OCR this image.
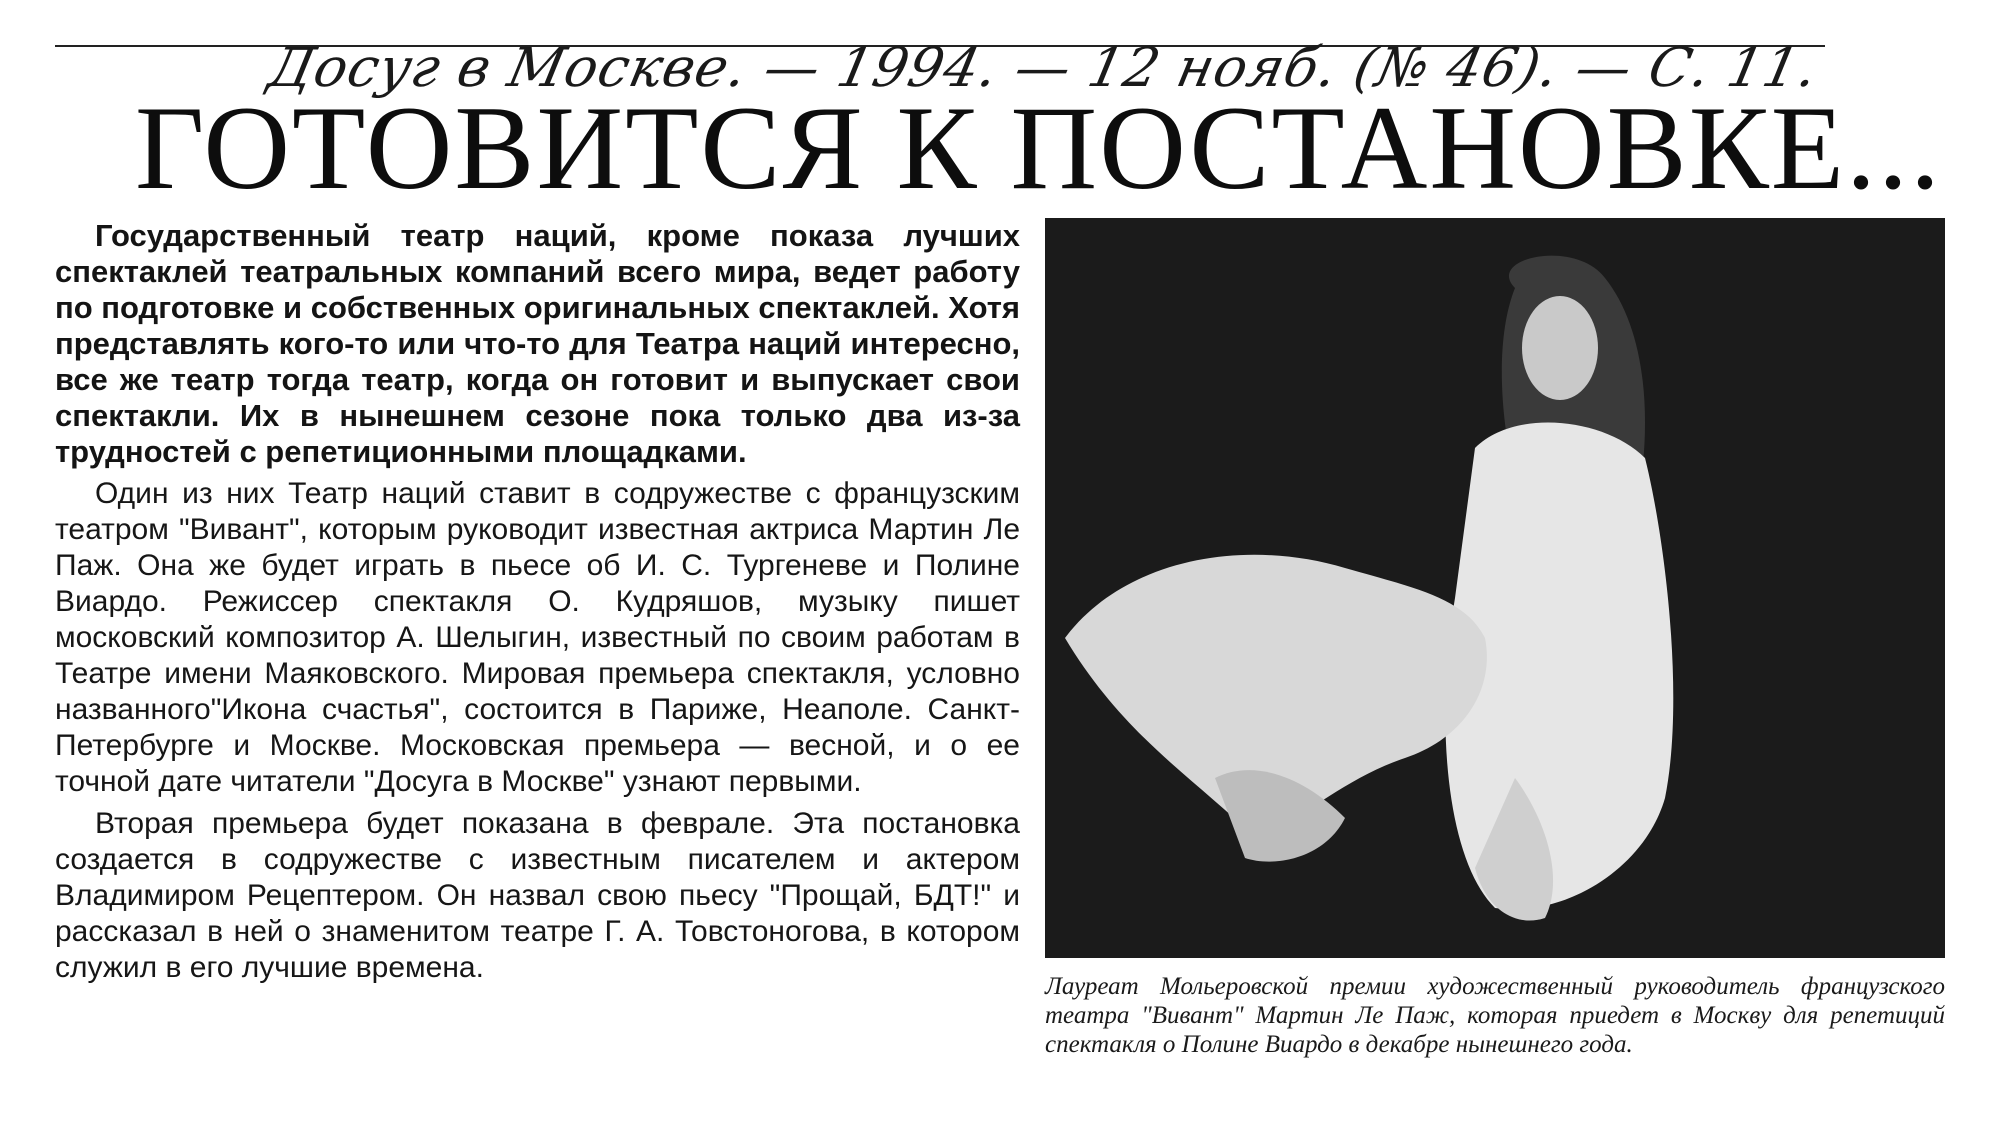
Досуг в Москве. — 1994. — 12 нояб. (№ 46). — С. 11.
ГОТОВИТСЯ К ПОСТАНОВКЕ...

Государственный театр наций, кроме показа лучших спектаклей театральных компаний всего мира, ведет работу по подготовке и собственных оригинальных спектаклей. Хотя представлять кого-то или что-то для Театра наций интересно, все же театр тогда театр, когда он готовит и выпускает свои спектакли. Их в нынешнем сезоне пока только два из-за трудностей с репетиционными площадками.

Один из них Театр наций ставит в содружестве с французским театром "Вивант", которым руководит известная актриса Мартин Ле Паж. Она же будет играть в пьесе об И. С. Тургеневе и Полине Виардо. Режиссер спектакля О. Кудряшов, музыку пишет московский композитор А. Шелыгин, известный по своим работам в Театре имени Маяковского. Мировая премьера спектакля, условно названного"Икона счастья", состоится в Париже, Неаполе. Санкт-Петербурге и Москве. Московская премьера — весной, и о ее точной дате читатели "Досуга в Москве" узнают первыми.

Вторая премьера будет показана в феврале. Эта постановка создается в содружестве с известным писателем и актером Владимиром Рецептером. Он назвал свою пьесу "Прощай, БДТ!" и рассказал в ней о знаменитом театре Г. А. Товстоногова, в котором служил в его лучшие времена.

Лауреат Мольеровской премии художественный руководитель французского театра "Вивант" Мартин Ле Паж, которая приедет в Москву для репетиций спектакля о Полине Виардо в декабре нынешнего года.
